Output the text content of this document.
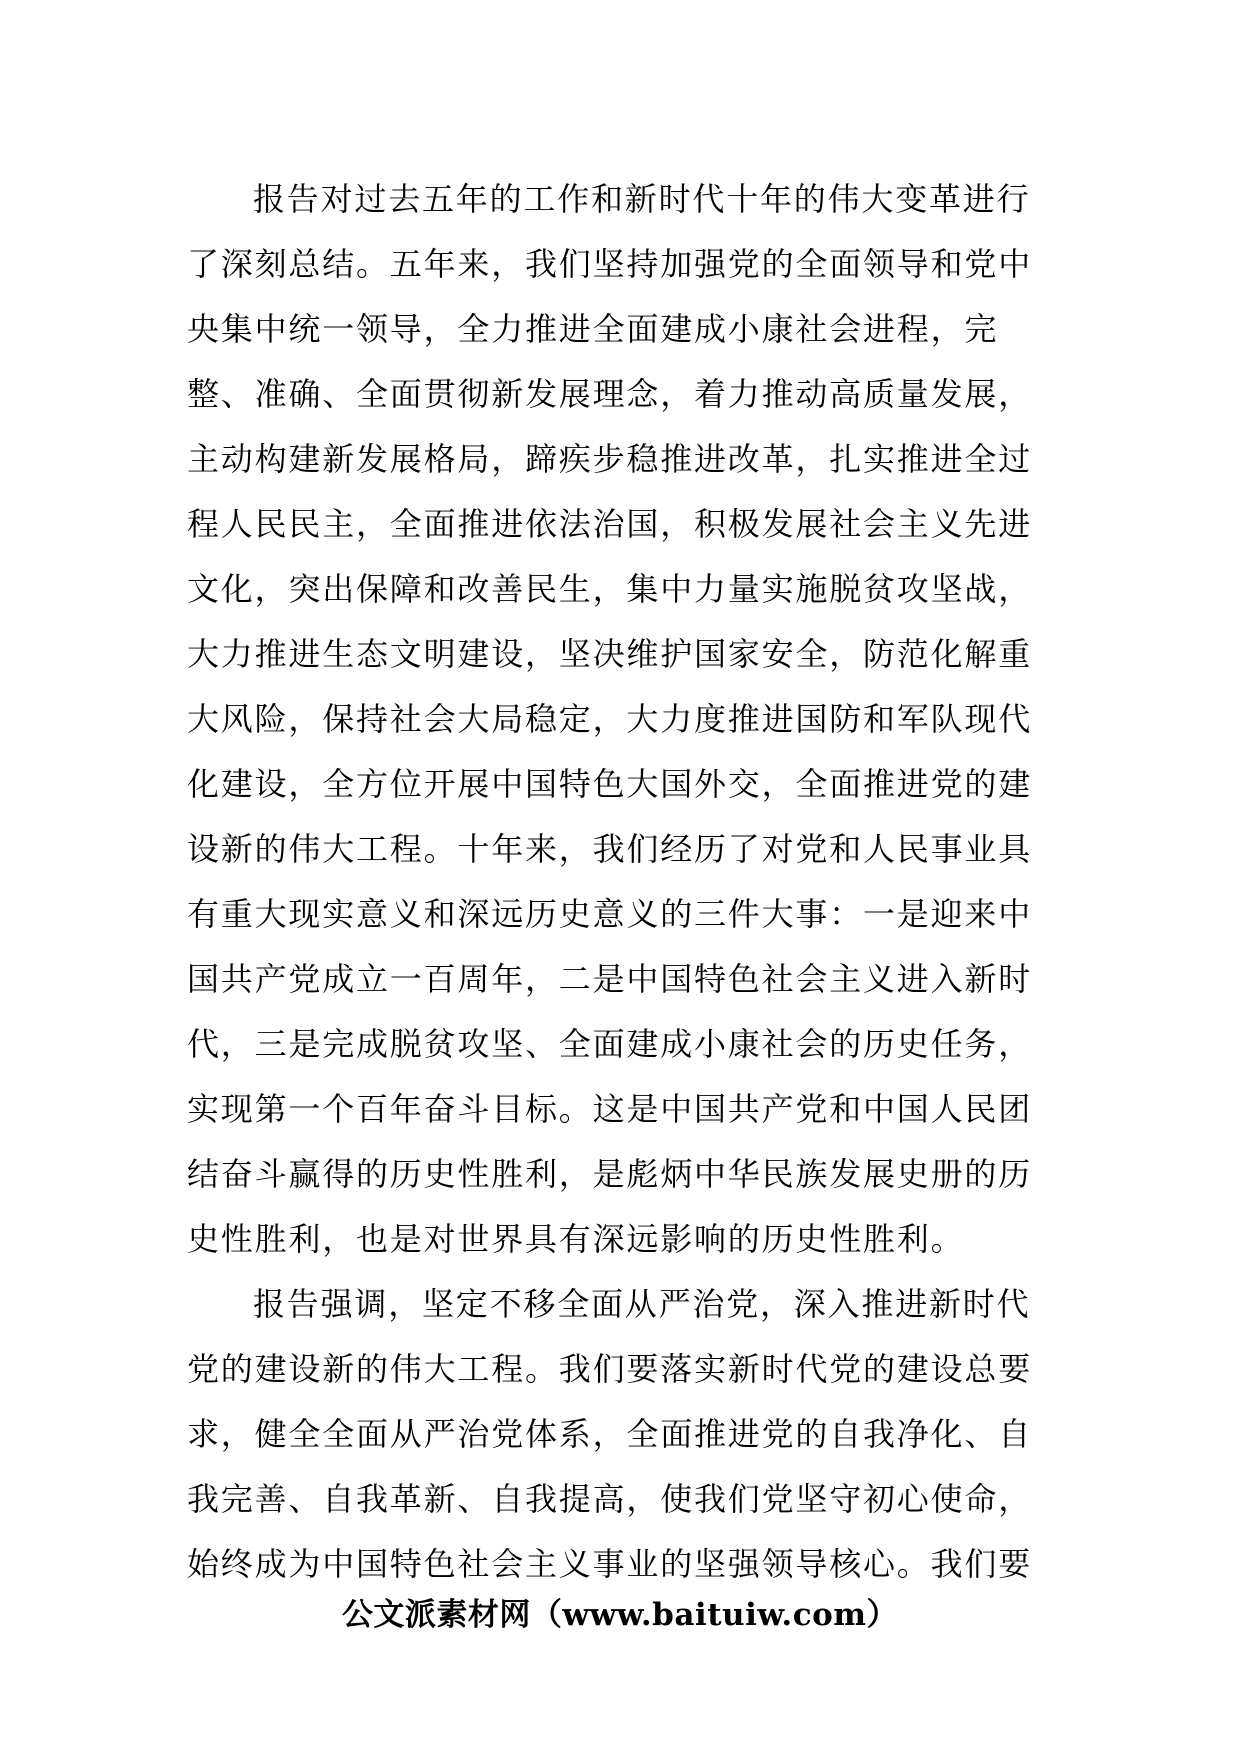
报告对过去五年的工作和新时代十年的伟大变革进行
了深刻总结。五年来，我们坚持加强党的全面领导和党中
央集中统一领导，全力推进全面建成小康社会进程，完
整、准确、全面贯彻新发展理念，着力推动高质量发展，
主动构建新发展格局，蹄疾步稳推进改革，扎实推进全过
程人民民主，全面推进依法治国，积极发展社会主义先进
文化，突出保障和改善民生，集中力量实施脱贫攻坚战，
大力推进生态文明建设，坚决维护国家安全，防范化解重
大风险，保持社会大局稳定，大力度推进国防和军队现代
化建设，全方位开展中国特色大国外交，全面推进党的建
设新的伟大工程。十年来，我们经历了对党和人民事业具
有重大现实意义和深远历史意义的三件大事：一是迎来中
国共产党成立一百周年，二是中国特色社会主义进入新时
代，三是完成脱贫攻坚、全面建成小康社会的历史任务，
实现第一个百年奋斗目标。这是中国共产党和中国人民团
结奋斗赢得的历史性胜利，是彪炳中华民族发展史册的历
史性胜利，也是对世界具有深远影响的历史性胜利。
报告强调，坚定不移全面从严治党，深入推进新时代
党的建设新的伟大工程。我们要落实新时代党的建设总要
求，健全全面从严治党体系，全面推进党的自我净化、自
我完善、自我革新、自我提高，使我们党坚守初心使命，
始终成为中国特色社会主义事业的坚强领导核心。我们要
公文派素材网（www.baituiw.com）
